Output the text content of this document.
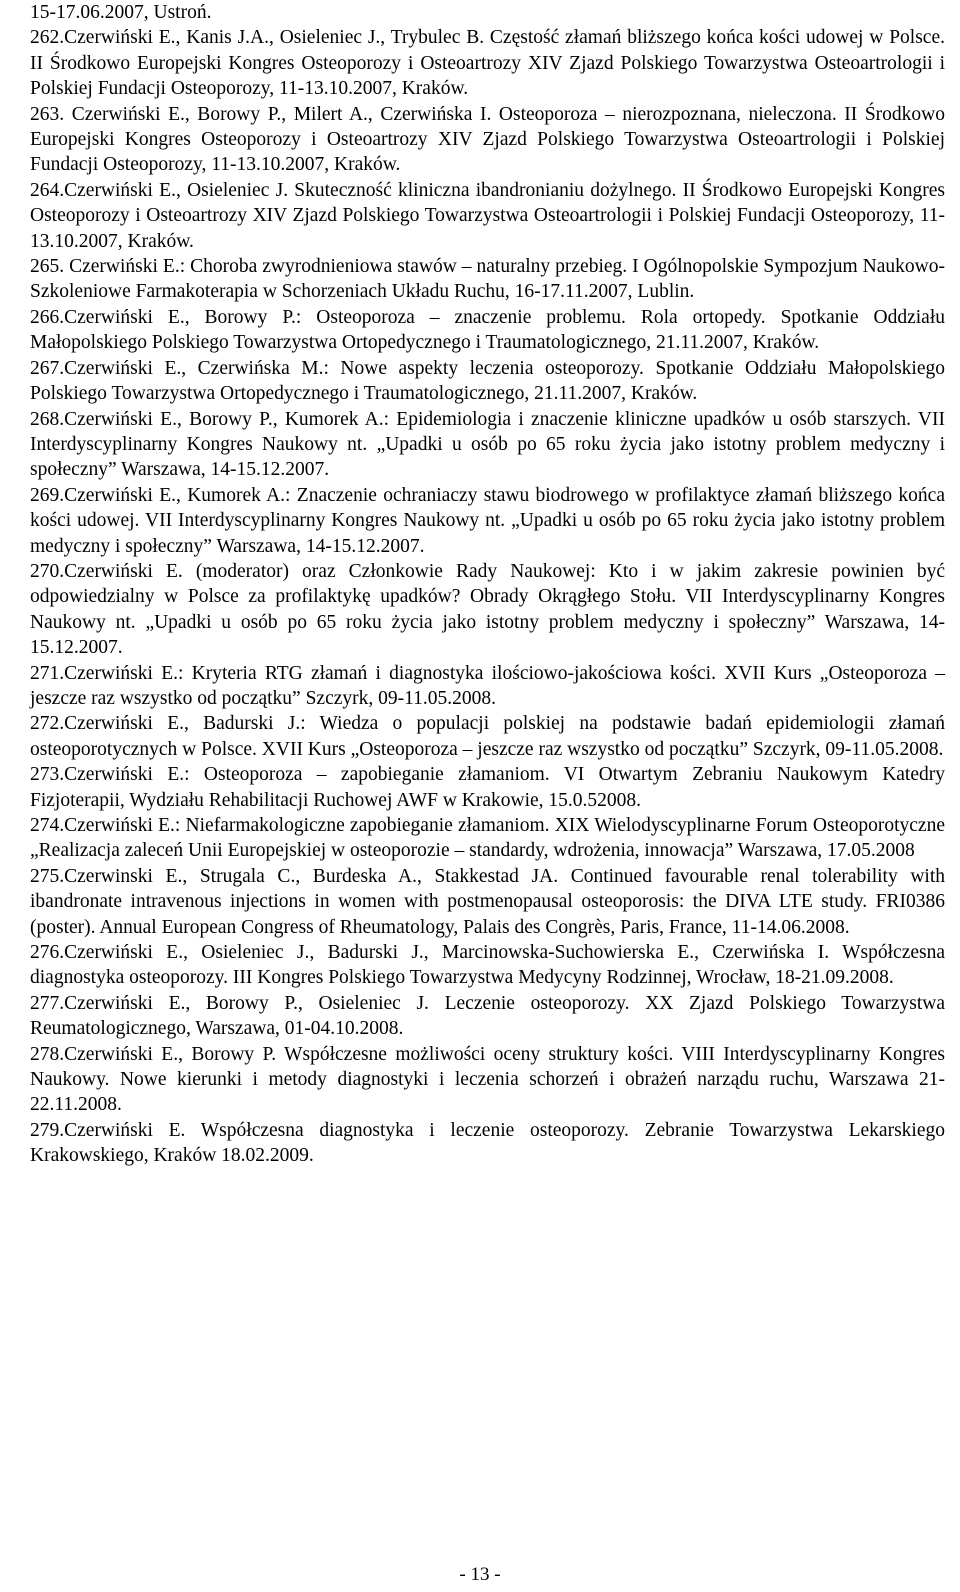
15-17.06.2007, Ustroń.

262.Czerwiński E., Kanis J.A., Osieleniec J., Trybulec B. Częstość złamań bliższego końca kości udowej w Polsce. II Środkowo Europejski Kongres Osteoporozy i Osteoartrozy XIV Zjazd Polskiego Towarzystwa Osteoartrologii i Polskiej Fundacji Osteoporozy, 11-13.10.2007, Kraków.
263. Czerwiński E., Borowy P., Milert A., Czerwińska I. Osteoporoza – nierozpoznana, nieleczona. II Środkowo Europejski Kongres Osteoporozy i Osteoartrozy XIV Zjazd Polskiego Towarzystwa Osteoartrologii i Polskiej Fundacji Osteoporozy, 11-13.10.2007, Kraków.
264.Czerwiński E., Osieleniec J. Skuteczność kliniczna ibandronianiu dożylnego. II Środkowo Europejski Kongres Osteoporozy i Osteoartrozy XIV Zjazd Polskiego Towarzystwa Osteoartrologii i Polskiej Fundacji Osteoporozy, 11-13.10.2007, Kraków.
265. Czerwiński E.: Choroba zwyrodnieniowa stawów – naturalny przebieg. I Ogólnopolskie Sympozjum Naukowo-Szkoleniowe Farmakoterapia w Schorzeniach Układu Ruchu, 16-17.11.2007, Lublin.
266.Czerwiński E., Borowy P.: Osteoporoza – znaczenie problemu. Rola ortopedy. Spotkanie Oddziału Małopolskiego Polskiego Towarzystwa Ortopedycznego i Traumatologicznego, 21.11.2007, Kraków.
267.Czerwiński E., Czerwińska M.: Nowe aspekty leczenia osteoporozy. Spotkanie Oddziału Małopolskiego Polskiego Towarzystwa Ortopedycznego i Traumatologicznego, 21.11.2007, Kraków.
268.Czerwiński E., Borowy P., Kumorek A.: Epidemiologia i znaczenie kliniczne upadków u osób starszych. VII Interdyscyplinarny Kongres Naukowy nt. „Upadki u osób po 65 roku życia jako istotny problem medyczny i społeczny” Warszawa, 14-15.12.2007.
269.Czerwiński E., Kumorek A.: Znaczenie ochraniaczy stawu biodrowego w profilaktyce złamań bliższego końca kości udowej. VII Interdyscyplinarny Kongres Naukowy nt. „Upadki u osób po 65 roku życia jako istotny problem medyczny i społeczny” Warszawa, 14-15.12.2007.
270.Czerwiński E. (moderator) oraz Członkowie Rady Naukowej: Kto i w jakim zakresie powinien być odpowiedzialny w Polsce za profilaktykę upadków? Obrady Okrągłego Stołu. VII Interdyscyplinarny Kongres Naukowy nt. „Upadki u osób po 65 roku życia jako istotny problem medyczny i społeczny” Warszawa, 14-15.12.2007.
271.Czerwiński E.: Kryteria RTG złamań i diagnostyka ilościowo-jakościowa kości. XVII Kurs „Osteoporoza – jeszcze raz wszystko od początku” Szczyrk, 09-11.05.2008.
272.Czerwiński E., Badurski J.: Wiedza o populacji polskiej na podstawie badań epidemiologii złamań osteoporotycznych w Polsce. XVII Kurs „Osteoporoza – jeszcze raz wszystko od początku” Szczyrk, 09-11.05.2008.
273.Czerwiński E.: Osteoporoza – zapobieganie złamaniom. VI Otwartym Zebraniu Naukowym Katedry Fizjoterapii, Wydziału Rehabilitacji Ruchowej AWF w Krakowie, 15.0.52008.
274.Czerwiński E.: Niefarmakologiczne zapobieganie złamaniom. XIX Wielodyscyplinarne Forum Osteoporotyczne „Realizacja zaleceń Unii Europejskiej w osteoporozie – standardy, wdrożenia, innowacja” Warszawa, 17.05.2008
275.Czerwinski E., Strugala C., Burdeska A., Stakkestad JA. Continued favourable renal tolerability with ibandronate intravenous injections in women with postmenopausal osteoporosis: the DIVA LTE study. FRI0386 (poster). Annual European Congress of Rheumatology, Palais des Congrès, Paris, France, 11-14.06.2008.
276.Czerwiński E., Osieleniec J., Badurski J., Marcinowska-Suchowierska E., Czerwińska I. Współczesna diagnostyka osteoporozy. III Kongres Polskiego Towarzystwa Medycyny Rodzinnej, Wrocław, 18-21.09.2008.
277.Czerwiński E., Borowy P., Osieleniec J. Leczenie osteoporozy. XX Zjazd Polskiego Towarzystwa Reumatologicznego, Warszawa, 01-04.10.2008.
278.Czerwiński E., Borowy P. Współczesne możliwości oceny struktury kości. VIII Interdyscyplinarny Kongres Naukowy. Nowe kierunki i metody diagnostyki i leczenia schorzeń i obrażeń narządu ruchu, Warszawa 21-22.11.2008.
279.Czerwiński E. Współczesna diagnostyka i leczenie osteoporozy. Zebranie Towarzystwa Lekarskiego Krakowskiego, Kraków 18.02.2009.
- 13 -
